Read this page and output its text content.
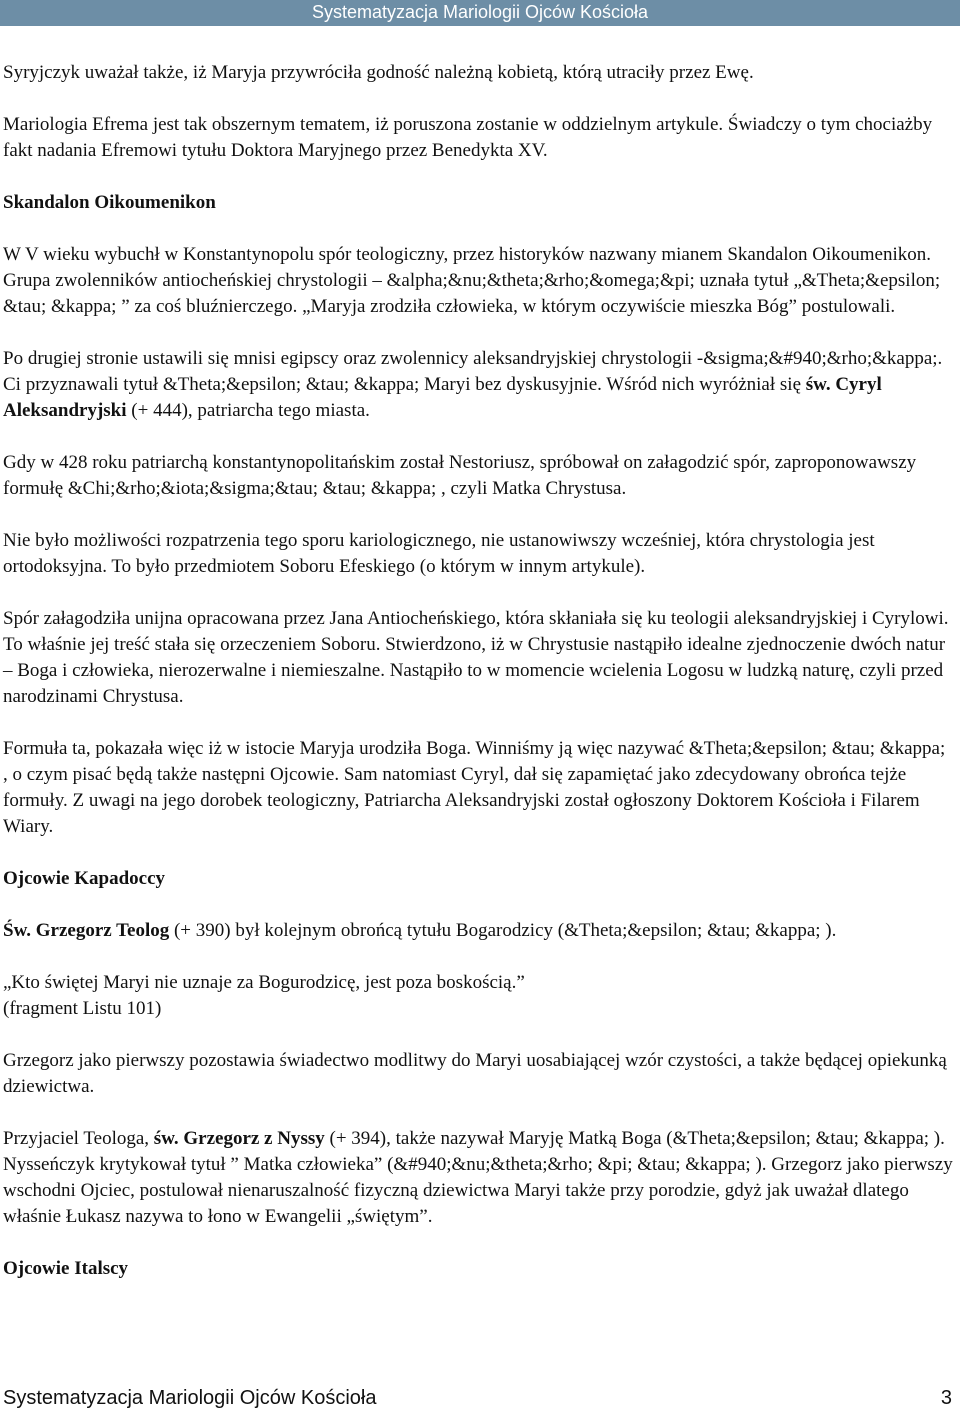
Systematyzacja Mariologii Ojców Kościoła

Syryjczyk uważał także, iż Maryja przywróciła godność należną kobietą, którą utraciły przez Ewę.

Mariologia Efrema jest tak obszernym tematem, iż poruszona zostanie w oddzielnym artykule. Świadczy o tym chociażby fakt nadania Efremowi tytułu Doktora Maryjnego przez Benedykta XV.

Skandalon Oikoumenikon

W V wieku wybuchł w Konstantynopolu spór teologiczny, przez historyków nazwany mianem Skandalon Oikoumenikon. Grupa zwolenników antiocheńskiej chrystologii – &alpha;&nu;&theta;&rho;&omega;&pi; uznała tytuł „&Theta;&epsilon; &tau; &kappa; ” za coś bluźnierczego. „Maryja zrodziła człowieka, w którym oczywiście mieszka Bóg” postulowali.

Po drugiej stronie ustawili się mnisi egipscy oraz zwolennicy aleksandryjskiej chrystologii -&sigma;&#940;&rho;&kappa;. Ci przyznawali tytuł &Theta;&epsilon; &tau; &kappa; Maryi bez dyskusyjnie. Wśród nich wyróżniał się św. Cyryl Aleksandryjski (+ 444), patriarcha tego miasta.

Gdy w 428 roku patriarchą konstantynopolitańskim został Nestoriusz, spróbował on załagodzić spór, zaproponowawszy formułę &Chi;&rho;&iota;&sigma;&tau; &tau; &kappa; , czyli Matka Chrystusa.

Nie było możliwości rozpatrzenia tego sporu kariologicznego, nie ustanowiwszy wcześniej, która chrystologia jest ortodoksyjna. To było przedmiotem Soboru Efeskiego (o którym w innym artykule).

Spór załagodziła unijna opracowana przez Jana Antiocheńskiego, która skłaniała się ku teologii aleksandryjskiej i Cyrylowi. To właśnie jej treść stała się orzeczeniem Soboru. Stwierdzono, iż w Chrystusie nastąpiło idealne zjednoczenie dwóch natur – Boga i człowieka, nierozerwalne i niemieszalne. Nastąpiło to w momencie wcielenia Logosu w ludzką naturę, czyli przed narodzinami Chrystusa.

Formuła ta, pokazała więc iż w istocie Maryja urodziła Boga. Winniśmy ją więc nazywać &Theta;&epsilon; &tau; &kappa; , o czym pisać będą także następni Ojcowie. Sam natomiast Cyryl, dał się zapamiętać jako zdecydowany obrońca tejże formuły. Z uwagi na jego dorobek teologiczny, Patriarcha Aleksandryjski został ogłoszony Doktorem Kościoła i Filarem Wiary.

Ojcowie Kapadoccy

Św. Grzegorz Teolog (+ 390) był kolejnym obrońcą tytułu Bogarodzicy (&Theta;&epsilon; &tau; &kappa; ).

„Kto świętej Maryi nie uznaje za Bogurodzicę, jest poza boskością.”
(fragment Listu 101)

Grzegorz jako pierwszy pozostawia świadectwo modlitwy do Maryi uosabiającej wzór czystości, a także będącej opiekunką dziewictwa.

Przyjaciel Teologa, św. Grzegorz z Nyssy (+ 394), także nazywał Maryję Matką Boga (&Theta;&epsilon; &tau; &kappa; ). Nysseńczyk krytykował tytuł ” Matka człowieka” (&#940;&nu;&theta;&rho; &pi; &tau; &kappa; ). Grzegorz jako pierwszy wschodni Ojciec, postulował nienaruszalność fizyczną dziewictwa Maryi także przy porodzie, gdyż jak uważał dlatego właśnie Łukasz nazywa to łono w Ewangelii „świętym”.

Ojcowie Italscy
Systematyzacja Mariologii Ojców Kościoła	3
